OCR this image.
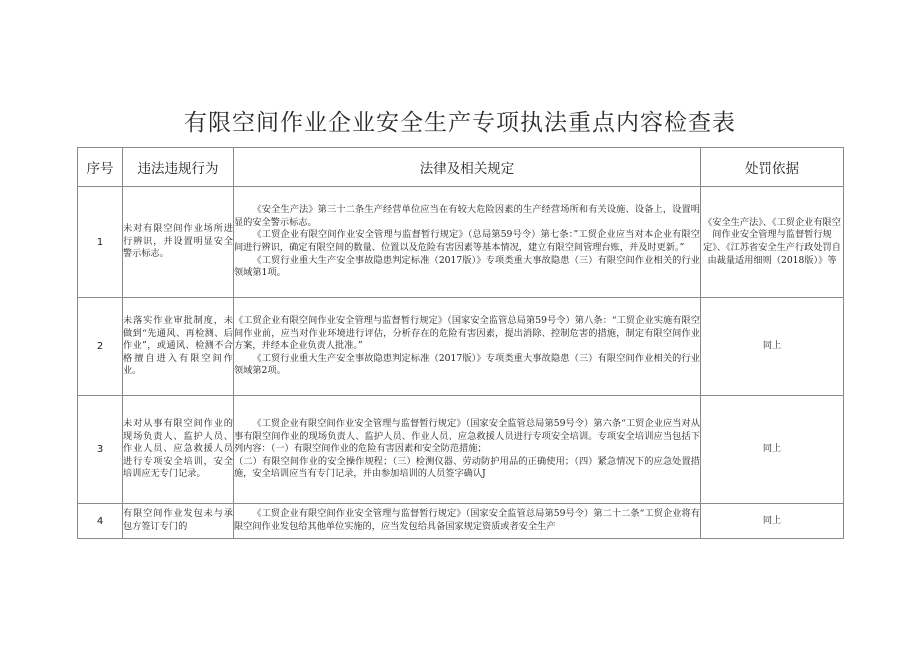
有限空间作业企业安全生产专项执法重点内容检查表
序号	违法违规行为	法律及相关规定	处罚依据
1	未对有限空间作业场所进行辨识，并设置明显安全警示标志。	《安全生产法》第三十二条生产经营单位应当在有较大危险因素的生产经营场所和有关设施、设备上，设置明显的安全警示标志。

《工贸企业有限空间作业安全管理与监督暂行规定》（总局第59号令）第七条：”工贸企业应当对本企业有限空间进行辨识，确定有限空间的数量、位置以及危险有害因素等基本情况，建立有限空间管理台账，并及时更新。”

《工贸行业重大生产安全事故隐患判定标准（2017版）》专项类重大事故隐患（三）有限空间作业相关的行业领域第1项。	《安全生产法》、《工贸企业有限空间作业安全管理与监督暂行规定》、《江苏省安全生产行政处罚自由裁量适用细则（2018版）》等
2	未落实作业审批制度，未做到“先通风、再检测、后作业”，或通风、检测不合格擅自进入有限空间作业。	《工贸企业有限空间作业安全管理与监督暂行规定》（国家安全监管总局第59号令）第八条：“工贸企业实施有限空间作业前，应当对作业环境进行评估，分析存在的危险有害因素，提出消除、控制危害的措施，制定有限空间作业方案，并经本企业负责人批准。”

《工贸行业重大生产安全事故隐患判定标准（2017版）》专项类重大事故隐患（三）有限空间作业相关的行业领域第2项。	同上
3	未对从事有限空间作业的现场负责人、监护人员、作业人员、应急救援人员进行专项安全培训，安全培训应无专门记录。	《工贸企业有限空间作业安全管理与监督暂行规定》（国家安全监管总局第59号令）第六条“工贸企业应当对从事有限空间作业的现场负责人、监护人员、作业人员、应急救援人员进行专项安全培训。专项安全培训应当包括下列内容：（一）有限空间作业的危险有害因素和安全防范措施；

（二）有限空间作业的安全操作规程；（三）检测仪器、劳动防护用品的正确使用；（四）紧急情况下的应急处置措施，安全培训应当有专门记录，并由参加培训的人员签字确认J	同上
4	有限空间作业发包未与承包方签订专门的	《工贸企业有限空间作业安全管理与监督暂行规定》（国家安全监管总局第59号令）第二十二条“工贸企业将有限空间作业发包给其他单位实施的，应当发包给具备国家规定资质或者安全生产	同上
